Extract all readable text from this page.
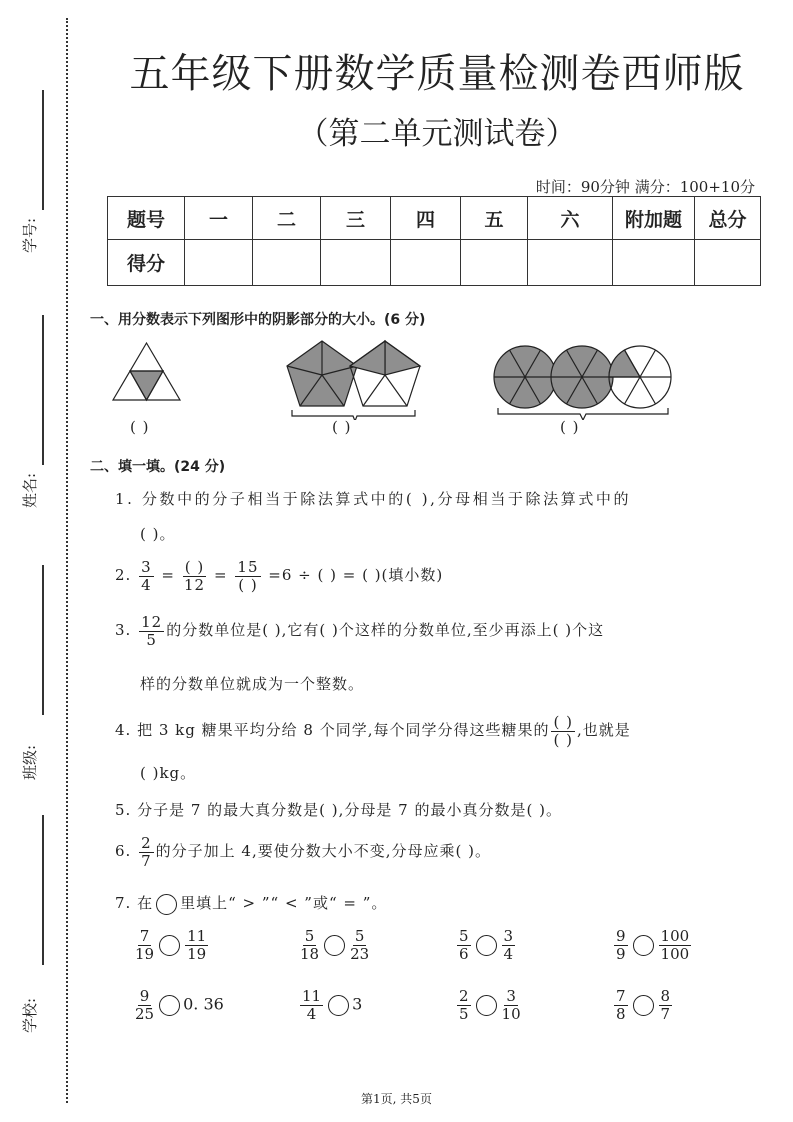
学号:
姓名:
班级:
学校:
五年级下册数学质量检测卷西师版
（第二单元测试卷）
时间：90分钟 满分：100+10分
题号	一	二	三	四	五	六	附加题	总分
得分								
一、用分数表示下列图形中的阴影部分的大小。(6 分)
( )	( )	( )
二、填一填。(24 分)
1. 分数中的分子相当于除法算式中的( ),分母相当于除法算式中的
( )。
2. $\frac{3}{4} = \frac{( )}{12} = \frac{15}{( )} =6$ ÷ ( ) = ( )(填小数)
3. $\frac{12}{5}$ 的分数单位是( ),它有( )个这样的分数单位,至少再添上( )个这
样的分数单位就成为一个整数。
4. 把 3 kg 糖果平均分给 8 个同学,每个同学分得这些糖果的 $\frac{( )}{( )}$ ,也就是
( )kg。
5. 分子是 7 的最大真分数是( ),分母是 7 的最小真分数是( )。
6. $\frac{2}{7}$ 的分子加上 4,要使分数大小不变,分母应乘( )。
7. 在 里填上“ > ”“ < ”或“ = ”。
$\frac{7}{19} \frac{11}{19}$	$\frac{5}{18} \frac{5}{23}$	$\frac{5}{6} \frac{3}{4}$	$\frac{9}{9} \frac{100}{100}$
$\frac{9}{25} 0$. 36	$\frac{11}{4} 3$	$\frac{2}{5} \frac{3}{10}$	$\frac{7}{8} \frac{8}{7}$
第1页, 共5页
